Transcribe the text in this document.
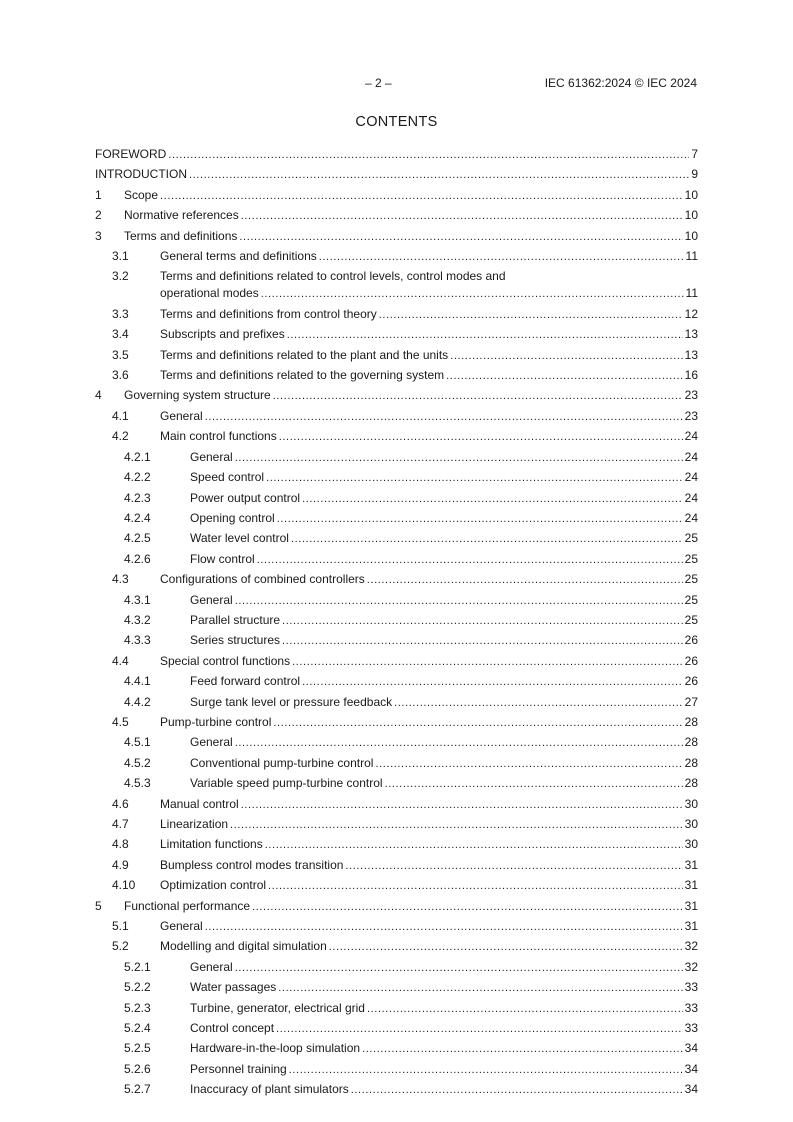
– 2 –	IEC 61362:2024 © IEC 2024
CONTENTS
FOREWORD .....	7
INTRODUCTION .....	9
1 Scope .....	10
2 Normative references .....	10
3 Terms and definitions .....	10
3.1	General terms and definitions .....	11
3.2	Terms and definitions related to control levels, control modes and
operational modes .....	11
3.3	Terms and definitions from control theory .....	12
3.4	Subscripts and prefixes .....	13
3.5	Terms and definitions related to the plant and the units .....	13
3.6	Terms and definitions related to the governing system .....	16
4 Governing system structure .....	23
4.1	General .....	23
4.2	Main control functions .....	24
4.2.1	General .....	24
4.2.2	Speed control .....	24
4.2.3	Power output control .....	24
4.2.4	Opening control .....	24
4.2.5	Water level control .....	25
4.2.6	Flow control .....	25
4.3	Configurations of combined controllers .....	25
4.3.1	General .....	25
4.3.2	Parallel structure .....	25
4.3.3	Series structures .....	26
4.4	Special control functions .....	26
4.4.1	Feed forward control .....	26
4.4.2	Surge tank level or pressure feedback .....	27
4.5	Pump-turbine control .....	28
4.5.1	General .....	28
4.5.2	Conventional pump-turbine control .....	28
4.5.3	Variable speed pump-turbine control .....	28
4.6	Manual control .....	30
4.7	Linearization .....	30
4.8	Limitation functions .....	30
4.9	Bumpless control modes transition .....	31
4.10 Optimization control .....	31
5 Functional performance .....	31
5.1	General .....	31
5.2	Modelling and digital simulation .....	32
5.2.1	General .....	32
5.2.2	Water passages .....	33
5.2.3	Turbine, generator, electrical grid .....	33
5.2.4	Control concept .....	33
5.2.5	Hardware-in-the-loop simulation .....	34
5.2.6	Personnel training .....	34
5.2.7	Inaccuracy of plant simulators .....	34
